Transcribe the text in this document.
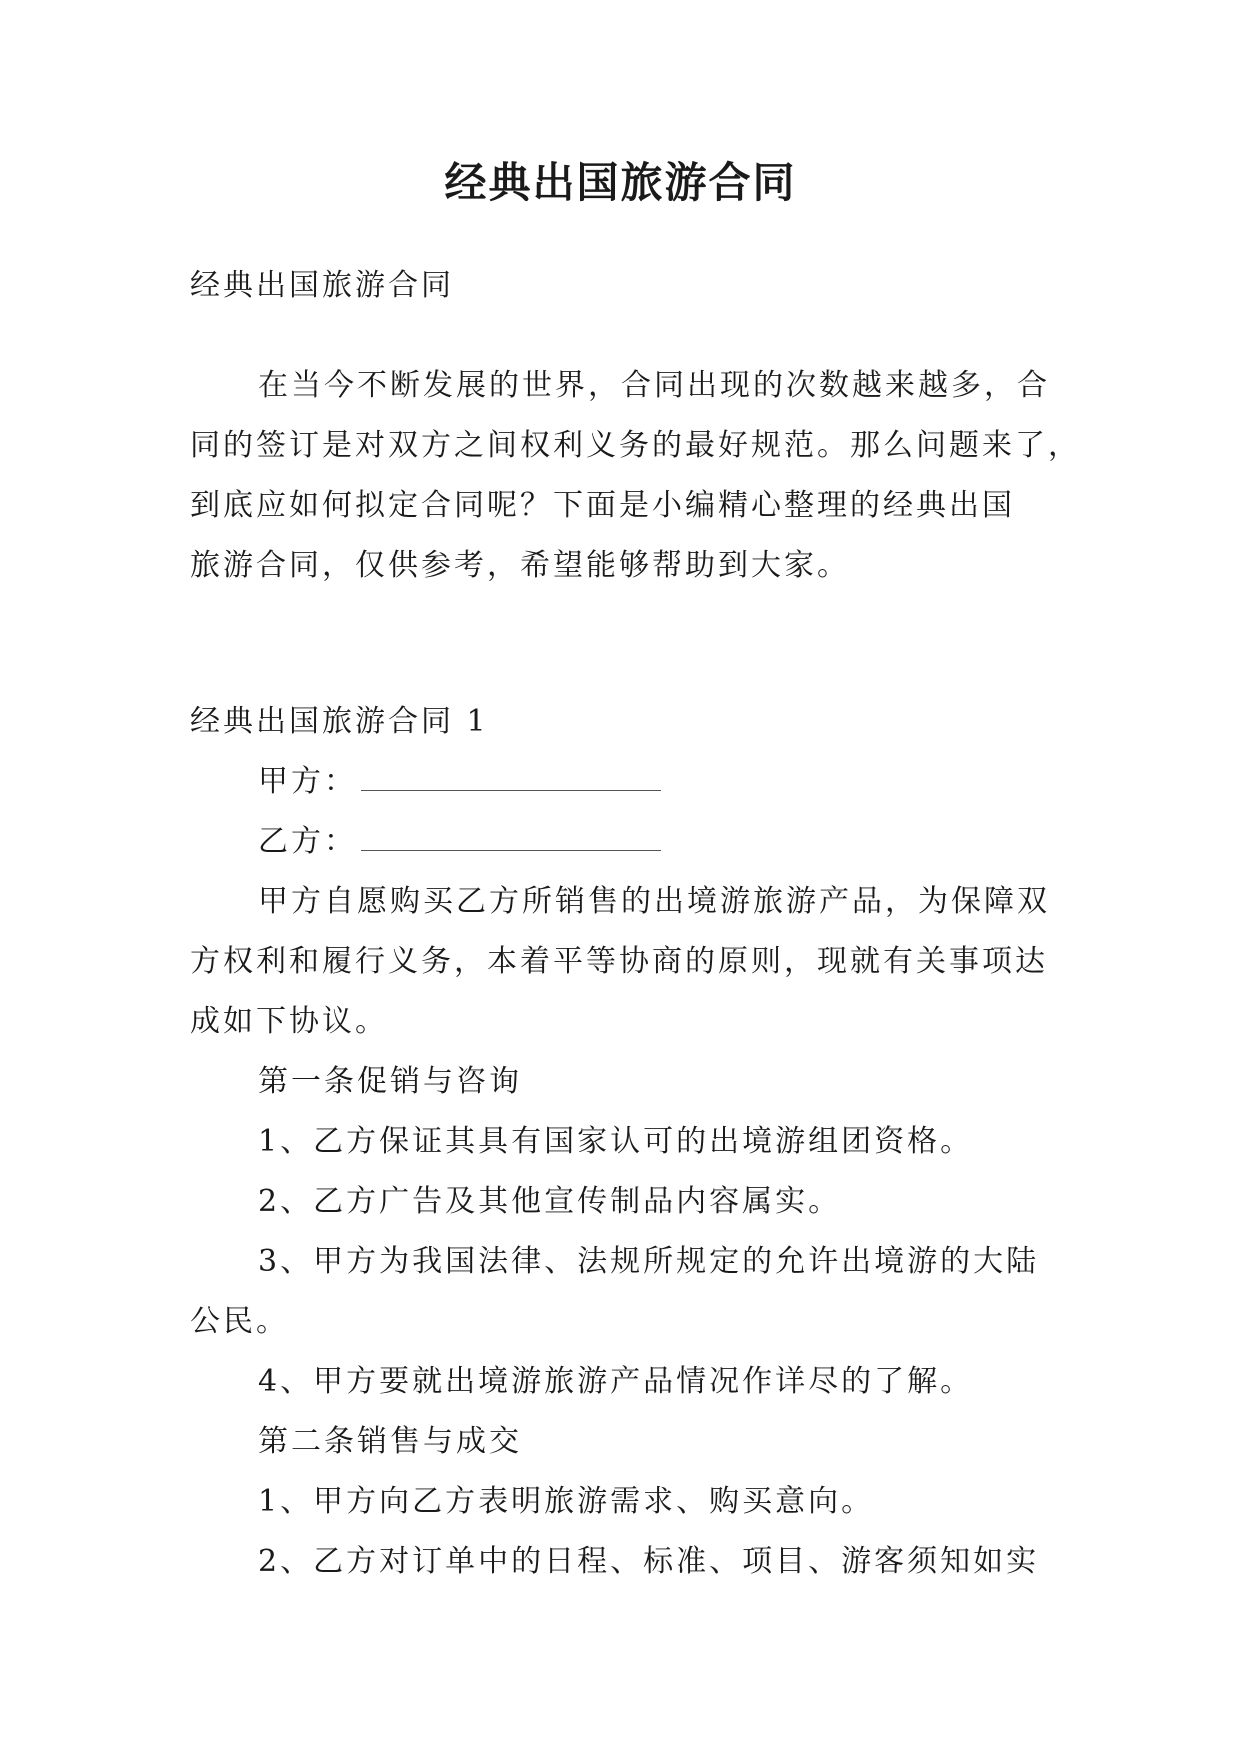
经典出国旅游合同
经典出国旅游合同
在当今不断发展的世界，合同出现的次数越来越多，合
同的签订是对双方之间权利义务的最好规范。那么问题来了，
到底应如何拟定合同呢？下面是小编精心整理的经典出国
旅游合同，仅供参考，希望能够帮助到大家。
经典出国旅游合同 1
甲方：
乙方：
甲方自愿购买乙方所销售的出境游旅游产品，为保障双
方权利和履行义务，本着平等协商的原则，现就有关事项达
成如下协议。
第一条促销与咨询
1、乙方保证其具有国家认可的出境游组团资格。
2、乙方广告及其他宣传制品内容属实。
3、甲方为我国法律、法规所规定的允许出境游的大陆
公民。
4、甲方要就出境游旅游产品情况作详尽的了解。
第二条销售与成交
1、甲方向乙方表明旅游需求、购买意向。
2、乙方对订单中的日程、标准、项目、游客须知如实
